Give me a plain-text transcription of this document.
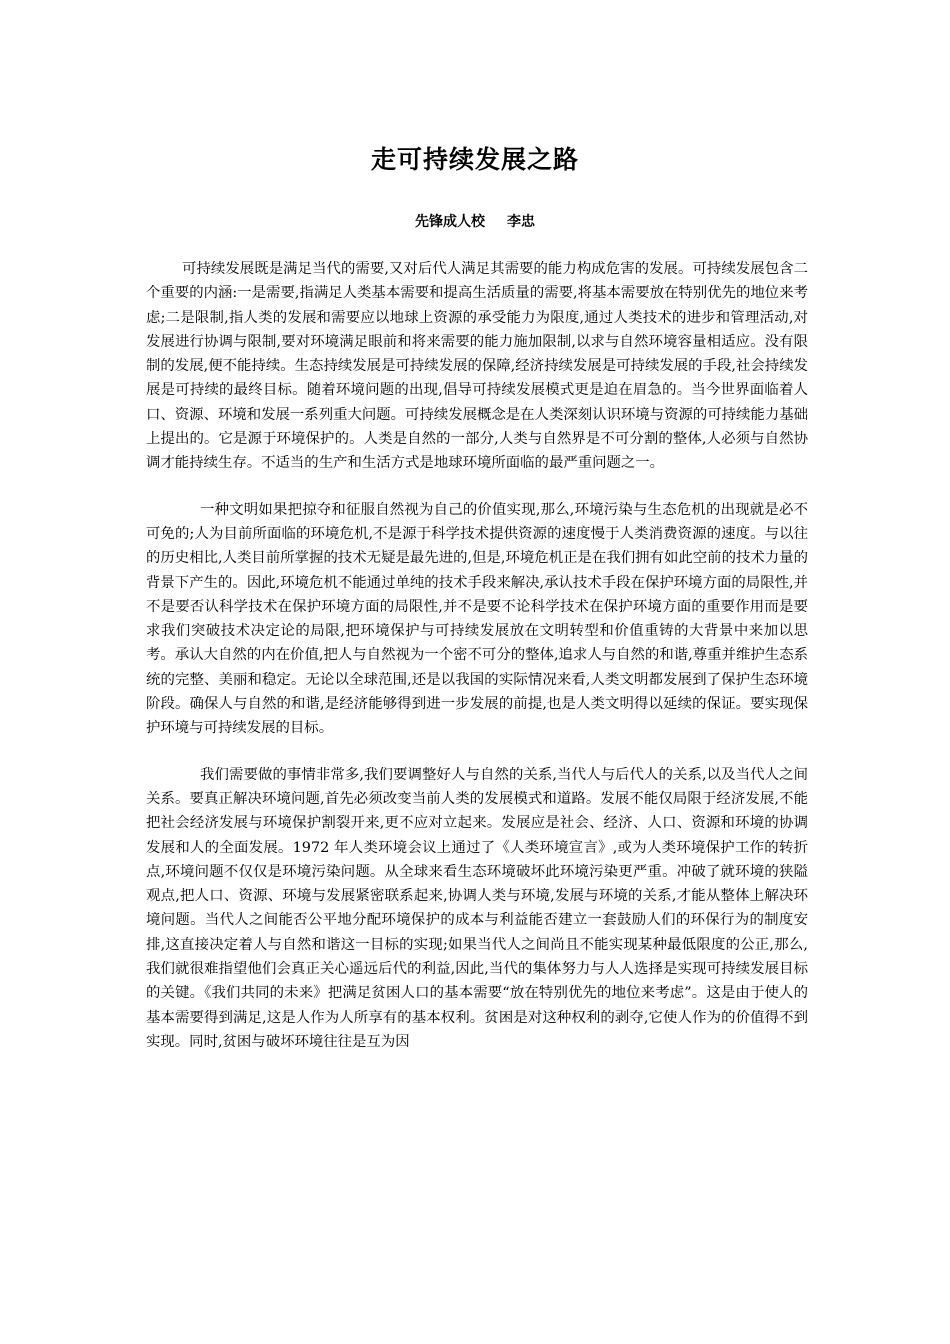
走可持续发展之路

先锋成人校 李忠

可持续发展既是满足当代的需要,又对后代人满足其需要的能力构成危害的发展。可持续发展包含二个重要的内涵:一是需要,指满足人类基本需要和提高生活质量的需要,将基本需要放在特别优先的地位来考虑;二是限制,指人类的发展和需要应以地球上资源的承受能力为限度,通过人类技术的进步和管理活动,对发展进行协调与限制,要对环境满足眼前和将来需要的能力施加限制,以求与自然环境容量相适应。没有限制的发展,便不能持续。生态持续发展是可持续发展的保障,经济持续发展是可持续发展的手段,社会持续发展是可持续的最终目标。随着环境问题的出现,倡导可持续发展模式更是迫在眉急的。当今世界面临着人口、资源、环境和发展一系列重大问题。可持续发展概念是在人类深刻认识环境与资源的可持续能力基础上提出的。它是源于环境保护的。人类是自然的一部分,人类与自然界是不可分割的整体,人必须与自然协调才能持续生存。不适当的生产和生活方式是地球环境所面临的最严重问题之一。

一种文明如果把掠夺和征服自然视为自己的价值实现,那么,环境污染与生态危机的出现就是必不可免的;人为目前所面临的环境危机,不是源于科学技术提供资源的速度慢于人类消费资源的速度。与以往的历史相比,人类目前所掌握的技术无疑是最先进的,但是,环境危机正是在我们拥有如此空前的技术力量的背景下产生的。因此,环境危机不能通过单纯的技术手段来解决,承认技术手段在保护环境方面的局限性,并不是要否认科学技术在保护环境方面的局限性,并不是要不论科学技术在保护环境方面的重要作用而是要求我们突破技术决定论的局限,把环境保护与可持续发展放在文明转型和价值重铸的大背景中来加以思考。承认大自然的内在价值,把人与自然视为一个密不可分的整体,追求人与自然的和谐,尊重并维护生态系统的完整、美丽和稳定。无论以全球范围,还是以我国的实际情况来看,人类文明都发展到了保护生态环境阶段。确保人与自然的和谐,是经济能够得到进一步发展的前提,也是人类文明得以延续的保证。要实现保护环境与可持续发展的目标。

我们需要做的事情非常多,我们要调整好人与自然的关系,当代人与后代人的关系,以及当代人之间关系。要真正解决环境问题,首先必须改变当前人类的发展模式和道路。发展不能仅局限于经济发展,不能把社会经济发展与环境保护割裂开来,更不应对立起来。发展应是社会、经济、人口、资源和环境的协调发展和人的全面发展。1972 年人类环境会议上通过了《人类环境宣言》,或为人类环境保护工作的转折点,环境问题不仅仅是环境污染问题。从全球来看生态环境破坏此环境污染更严重。冲破了就环境的狭隘观点,把人口、资源、环境与发展紧密联系起来,协调人类与环境,发展与环境的关系,才能从整体上解决环境问题。当代人之间能否公平地分配环境保护的成本与利益能否建立一套鼓励人们的环保行为的制度安排,这直接决定着人与自然和谐这一目标的实现;如果当代人之间尚且不能实现某种最低限度的公正,那么,我们就很难指望他们会真正关心遥远后代的利益,因此,当代的集体努力与人人选择是实现可持续发展目标的关键。《我们共同的未来》把满足贫困人口的基本需要“放在特别优先的地位来考虑”。这是由于使人的基本需要得到满足,这是人作为人所享有的基本权利。贫困是对这种权利的剥夺,它使人作为的价值得不到实现。同时,贫困与破坏环境往往是互为因
